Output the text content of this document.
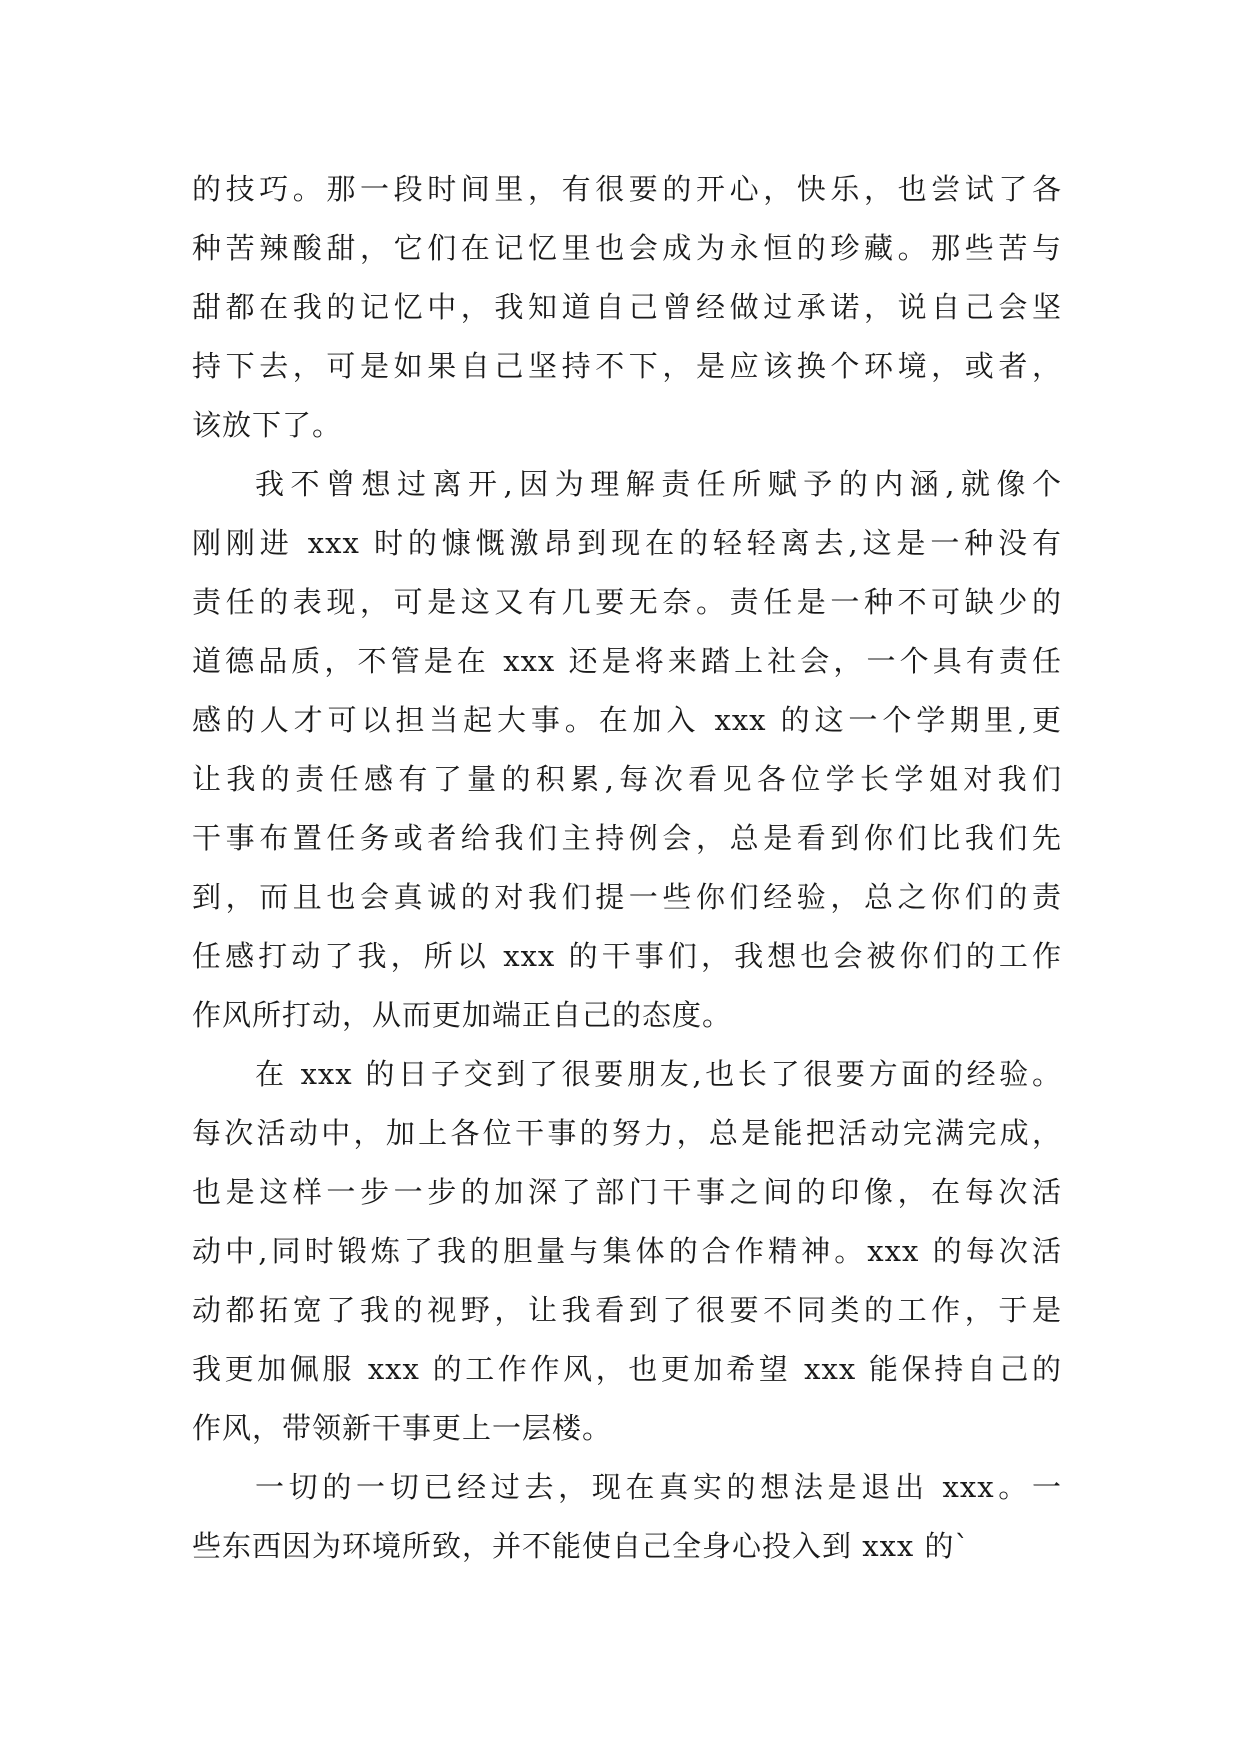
的技巧。那一段时间里，有很要的开心，快乐，也尝试了各
种苦辣酸甜，它们在记忆里也会成为永恒的珍藏。那些苦与
甜都在我的记忆中，我知道自己曾经做过承诺，说自己会坚
持下去，可是如果自己坚持不下，是应该换个环境，或者，
该放下了。
我不曾想过离开,因为理解责任所赋予的内涵,就像个
刚刚进 xxx 时的慷慨激昂到现在的轻轻离去,这是一种没有
责任的表现，可是这又有几要无奈。责任是一种不可缺少的
道德品质，不管是在 xxx 还是将来踏上社会，一个具有责任
感的人才可以担当起大事。在加入 xxx 的这一个学期里,更
让我的责任感有了量的积累,每次看见各位学长学姐对我们
干事布置任务或者给我们主持例会，总是看到你们比我们先
到，而且也会真诚的对我们提一些你们经验，总之你们的责
任感打动了我，所以 xxx 的干事们，我想也会被你们的工作
作风所打动，从而更加端正自己的态度。
在 xxx 的日子交到了很要朋友,也长了很要方面的经验。
每次活动中，加上各位干事的努力，总是能把活动完满完成，
也是这样一步一步的加深了部门干事之间的印像，在每次活
动中,同时锻炼了我的胆量与集体的合作精神。xxx 的每次活
动都拓宽了我的视野，让我看到了很要不同类的工作，于是
我更加佩服 xxx 的工作作风，也更加希望 xxx 能保持自己的
作风，带领新干事更上一层楼。
一切的一切已经过去，现在真实的想法是退出 xxx。一
些东西因为环境所致，并不能使自己全身心投入到 xxx 的`
